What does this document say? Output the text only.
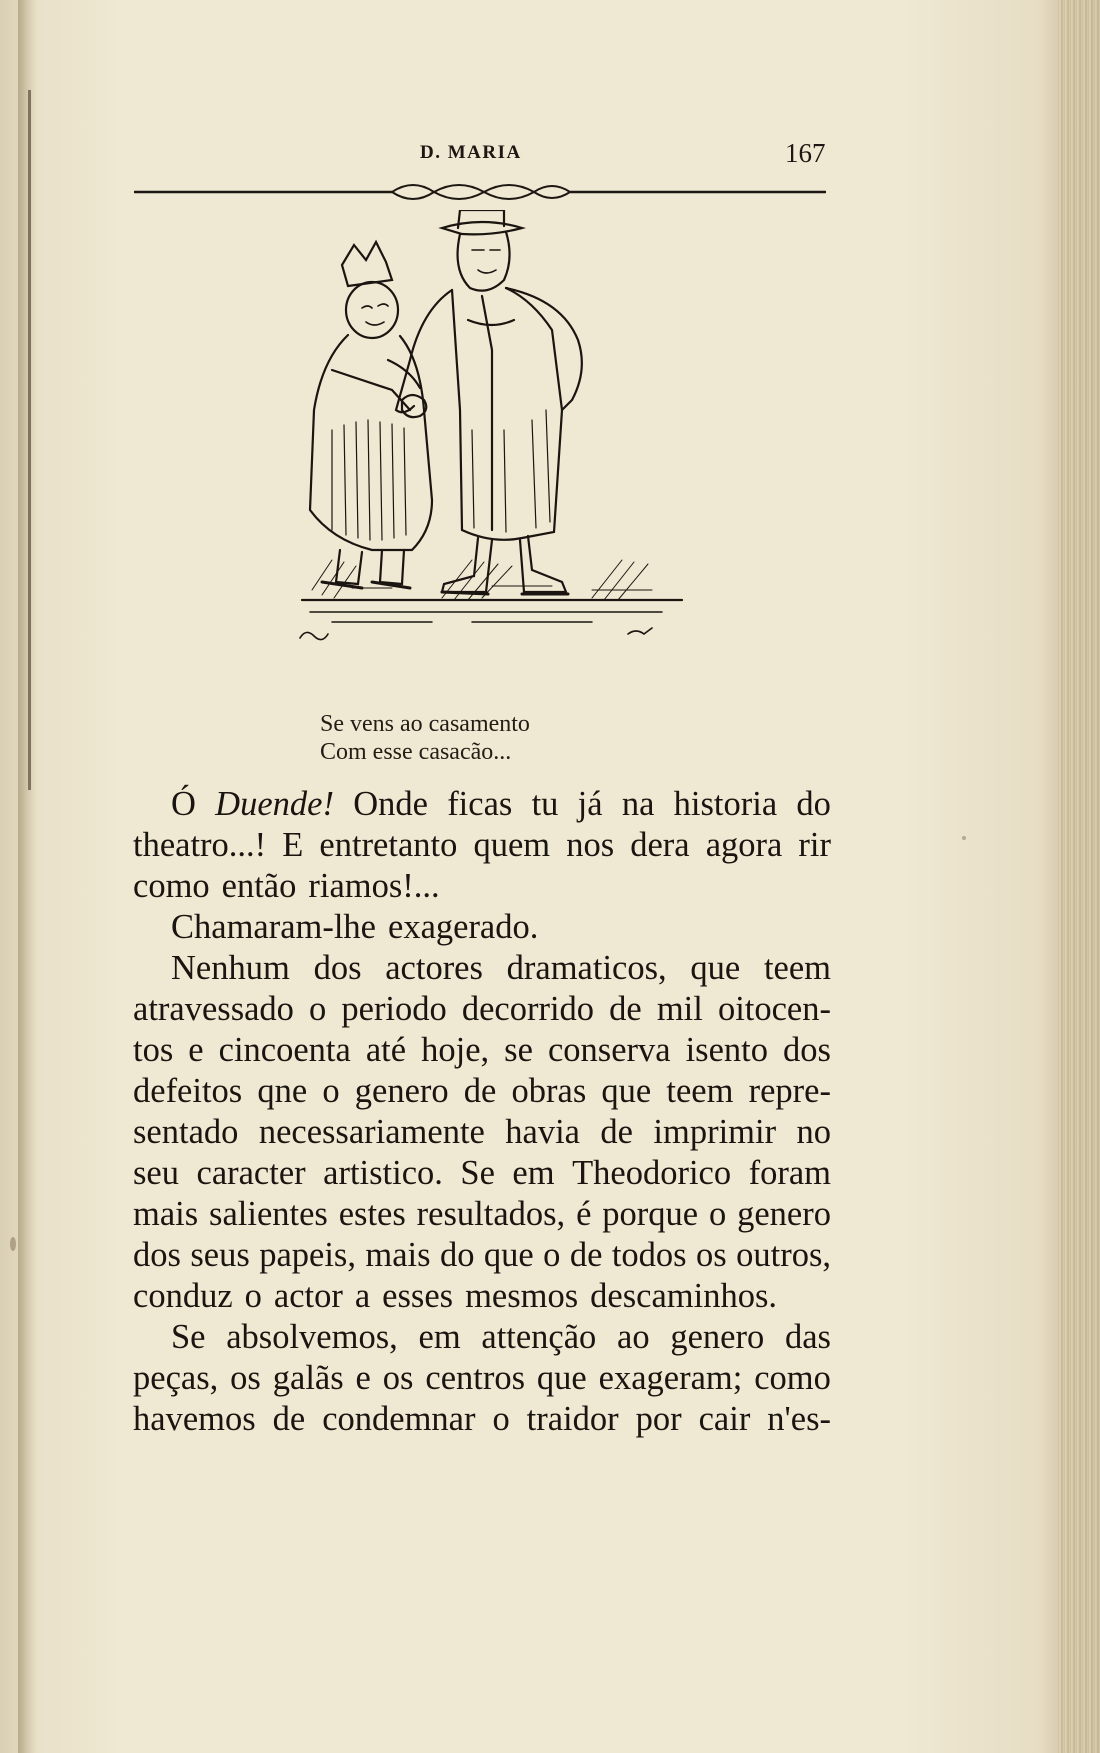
D. MARIA	167
Se vens ao casamento
Com esse casacão...
Ó Duende! Onde ficas tu já na historia do
theatro...! E entretanto quem nos dera agora rir
como então riamos!...
Chamaram-lhe exagerado.
Nenhum dos actores dramaticos, que teem
atravessado o periodo decorrido de mil oitocen-
tos e cincoenta até hoje, se conserva isento dos
defeitos qne o genero de obras que teem repre-
sentado necessariamente havia de imprimir no
seu caracter artistico. Se em Theodorico foram
mais salientes estes resultados, é porque o genero
dos seus papeis, mais do que o de todos os outros,
conduz o actor a esses mesmos descaminhos.
Se absolvemos, em attenção ao genero das
peças, os galãs e os centros que exageram; como
havemos de condemnar o traidor por cair n'es-
